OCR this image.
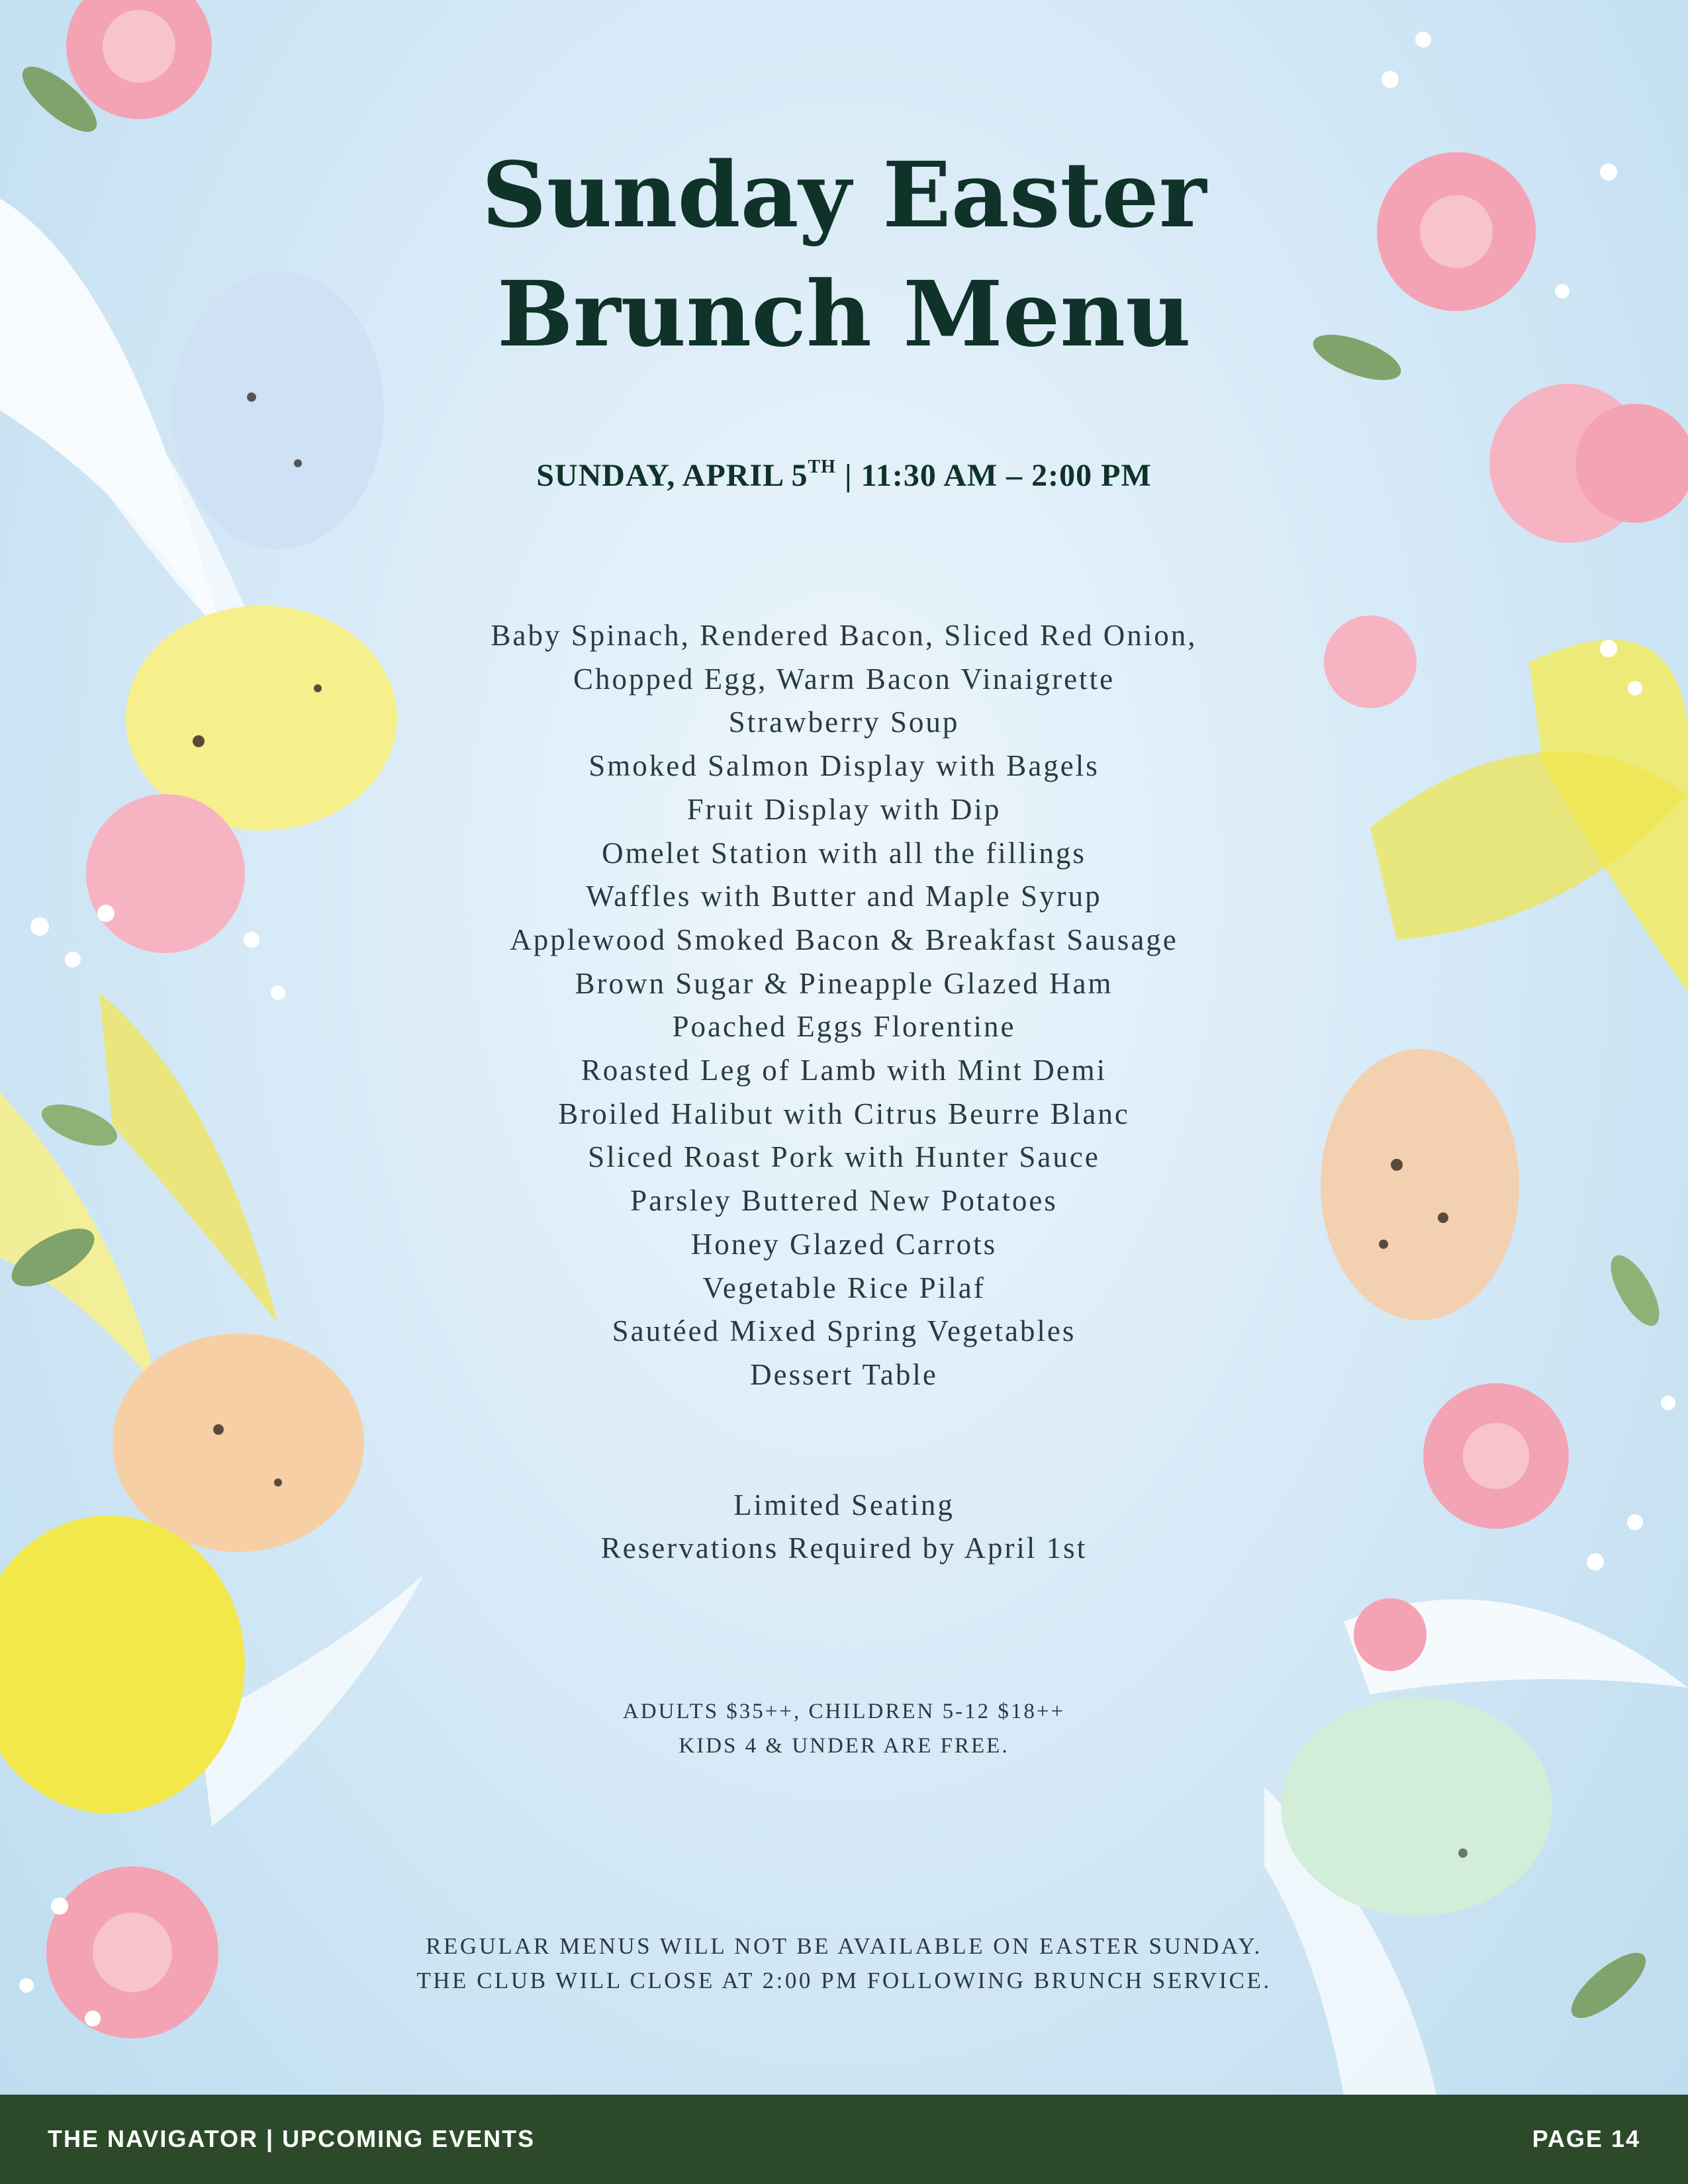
Sunday Easter
Brunch Menu
SUNDAY, APRIL 5TH | 11:30 AM – 2:00 PM
Baby Spinach, Rendered Bacon, Sliced Red Onion,
Chopped Egg, Warm Bacon Vinaigrette
Strawberry Soup
Smoked Salmon Display with Bagels
Fruit Display with Dip
Omelet Station with all the fillings
Waffles with Butter and Maple Syrup
Applewood Smoked Bacon & Breakfast Sausage
Brown Sugar & Pineapple Glazed Ham
Poached Eggs Florentine
Roasted Leg of Lamb with Mint Demi
Broiled Halibut with Citrus Beurre Blanc
Sliced Roast Pork with Hunter Sauce
Parsley Buttered New Potatoes
Honey Glazed Carrots
Vegetable Rice Pilaf
Sautéed Mixed Spring Vegetables
Dessert Table
Limited Seating
Reservations Required by April 1st
ADULTS $35++, CHILDREN 5-12 $18++
KIDS 4 & UNDER ARE FREE.
REGULAR MENUS WILL NOT BE AVAILABLE ON EASTER SUNDAY.
THE CLUB WILL CLOSE AT 2:00 PM FOLLOWING BRUNCH SERVICE.
THE NAVIGATOR | UPCOMING EVENTS	PAGE 14
